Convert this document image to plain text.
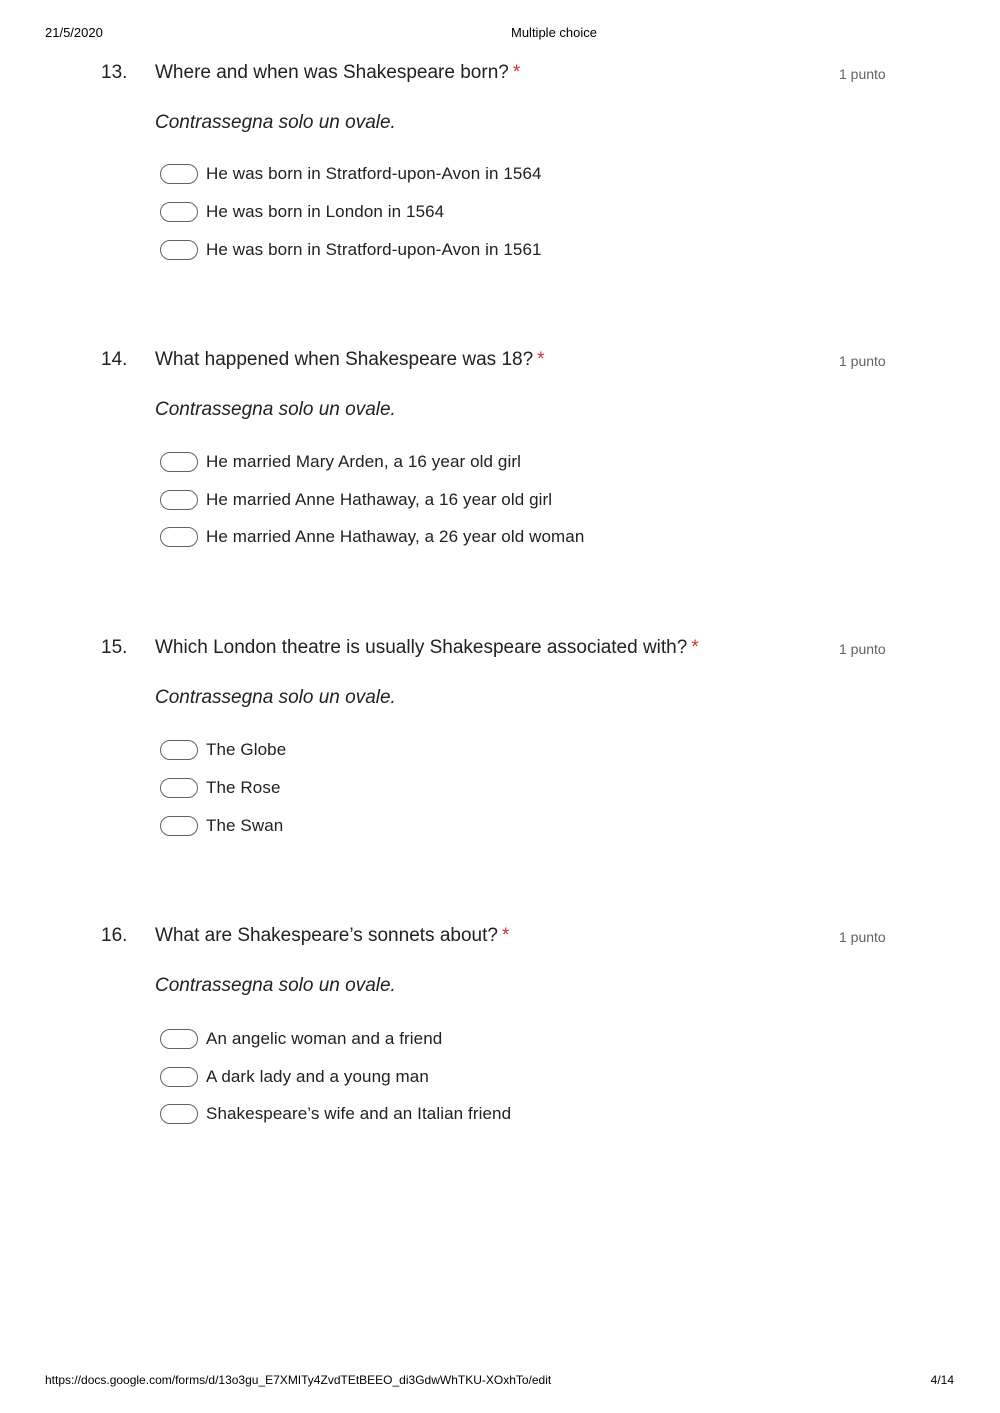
21/5/2020	Multiple choice
13. Where and when was Shakespeare born? *	1 punto
Contrassegna solo un ovale.
He was born in Stratford-upon-Avon in 1564
He was born in London in 1564
He was born in Stratford-upon-Avon in 1561
14. What happened when Shakespeare was 18? *	1 punto
Contrassegna solo un ovale.
He married Mary Arden, a 16 year old girl
He married Anne Hathaway, a 16 year old girl
He married Anne Hathaway, a 26 year old woman
15. Which London theatre is usually Shakespeare associated with? *	1 punto
Contrassegna solo un ovale.
The Globe
The Rose
The Swan
16. What are Shakespeare’s sonnets about? *	1 punto
Contrassegna solo un ovale.
An angelic woman and a friend
A dark lady and a young man
Shakespeare’s wife and an Italian friend
https://docs.google.com/forms/d/13o3gu_E7XMITy4ZvdTEtBEEO_di3GdwWhTKU-XOxhTo/edit	4/14
